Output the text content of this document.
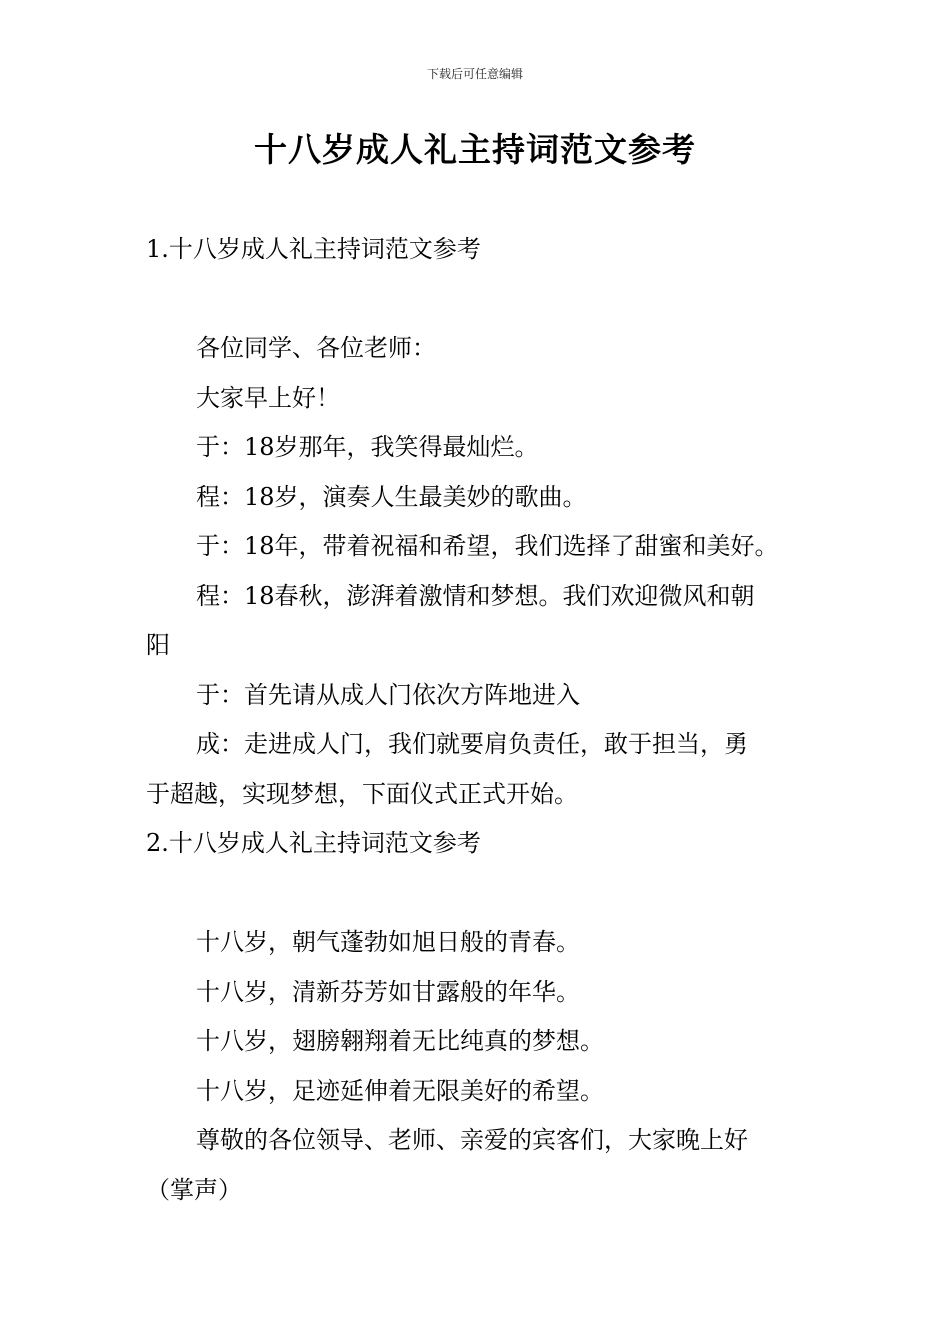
下载后可任意编辑
十八岁成人礼主持词范文参考

1.十八岁成人礼主持词范文参考

各位同学、各位老师：

大家早上好！

于：18岁那年，我笑得最灿烂。

程：18岁，演奏人生最美妙的歌曲。

于：18年，带着祝福和希望，我们选择了甜蜜和美好。

程：18春秋，澎湃着激情和梦想。我们欢迎微风和朝

阳

于：首先请从成人门依次方阵地进入

成：走进成人门，我们就要肩负责任，敢于担当，勇

于超越，实现梦想，下面仪式正式开始。

2.十八岁成人礼主持词范文参考

十八岁，朝气蓬勃如旭日般的青春。

十八岁，清新芬芳如甘露般的年华。

十八岁，翅膀翱翔着无比纯真的梦想。

十八岁，足迹延伸着无限美好的希望。

尊敬的各位领导、老师、亲爱的宾客们，大家晚上好

（掌声）
